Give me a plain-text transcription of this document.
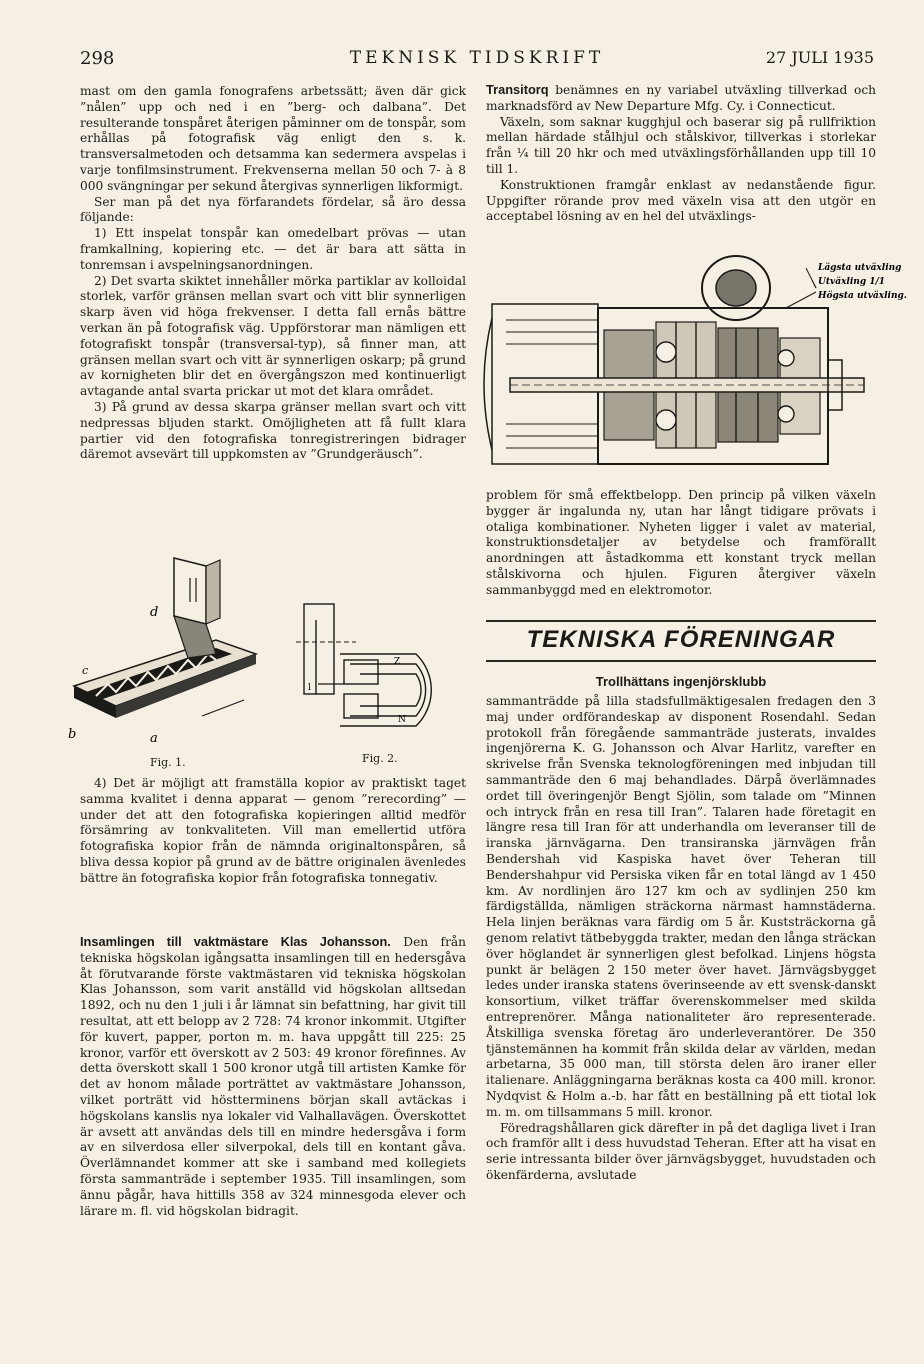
298	TEKNISK TIDSKRIFT	27 JULI 1935

mast om den gamla fonografens arbetssätt; även där gick ”nålen” upp och ned i en ”berg- och dalbana”. Det resulterande tonspåret återigen påminner om de tonspår, som erhållas på fotografisk väg enligt den s. k. transversalmetoden och detsamma kan sedermera avspelas i varje tonfilmsinstrument. Frekvenserna mellan 50 och 7- à 8 000 svängningar per sekund återgivas synnerligen likformigt.

Ser man på det nya förfarandets fördelar, så äro dessa följande:

1) Ett inspelat tonspår kan omedelbart prövas — utan framkallning, kopiering etc. — det är bara att sätta in tonremsan i avspelningsanordningen.

2) Det svarta skiktet innehåller mörka partiklar av kolloidal storlek, varför gränsen mellan svart och vitt blir synnerligen skarp även vid höga frekvenser. I detta fall ernås bättre verkan än på fotografisk väg. Uppförstorar man nämligen ett fotografiskt tonspår (transversal-typ), så finner man, att gränsen mellan svart och vitt är synnerligen oskarp; på grund av kornigheten blir det en övergångszon med kontinuerligt avtagande antal svarta prickar ut mot det klara området.

3) På grund av dessa skarpa gränser mellan svart och vitt nedpressas bljuden starkt. Omöjligheten att få fullt klara partier vid den fotografiska tonregistreringen bidrager däremot avsevärt till uppkomsten av ”Grundgeräusch”.

d
c
b	a
Fig. 1.
Z
N
l
Fig. 2.

4) Det är möjligt att framställa kopior av praktiskt taget samma kvalitet i denna apparat — genom ”rerecording” — under det att den fotografiska kopieringen alltid medför försämring av tonkvaliteten. Vill man emellertid utföra fotografiska kopior från de nämnda originaltonspåren, så bliva dessa kopior på grund av de bättre originalen ävenledes bättre än fotografiska kopior från fotografiska tonnegativ.

Insamlingen till vaktmästare Klas Johansson. Den från tekniska högskolan igångsatta insamlingen till en hedersgåva åt förutvarande förste vaktmästaren vid tekniska högskolan Klas Johansson, som varit anställd vid högskolan alltsedan 1892, och nu den 1 juli i år lämnat sin befattning, har givit till resultat, att ett belopp av 2 728: 74 kronor inkommit. Utgifter för kuvert, papper, porton m. m. hava uppgått till 225: 25 kronor, varför ett överskott av 2 503: 49 kronor förefinnes. Av detta överskott skall 1 500 kronor utgå till artisten Kamke för det av honom målade porträttet av vaktmästare Johansson, vilket porträtt vid höstterminens början skall avtäckas i högskolans kanslis nya lokaler vid Valhallavägen. Överskottet är avsett att användas dels till en mindre hedersgåva i form av en silverdosa eller silverpokal, dels till en kontant gåva. Överlämnandet kommer att ske i samband med kollegiets första sammanträde i september 1935. Till insamlingen, som ännu pågår, hava hittills 358 av 324 minnesgoda elever och lärare m. fl. vid högskolan bidragit.

Transitorq benämnes en ny variabel utväxling tillverkad och marknadsförd av New Departure Mfg. Cy. i Connecticut.

Växeln, som saknar kugghjul och baserar sig på rullfriktion mellan härdade stålhjul och stålskivor, tillverkas i storlekar från ¼ till 20 hkr och med utväxlingsförhållanden upp till 10 till 1.

Konstruktionen framgår enklast av nedanstående figur. Uppgifter rörande prov med växeln visa att den utgör en acceptabel lösning av en hel del utväxlings-

Lägsta utväxling
Utväxling 1/1
Högsta utväxling.

problem för små effektbelopp. Den princip på vilken växeln bygger är ingalunda ny, utan har långt tidigare prövats i otaliga kombinationer. Nyheten ligger i valet av material, konstruktionsdetaljer av betydelse och framförallt anordningen att åstadkomma ett konstant tryck mellan stålskivorna och hjulen. Figuren återgiver växeln sammanbyggd med en elektromotor.

TEKNISKA FÖRENINGAR
Trollhättans ingenjörsklubb

sammanträdde på lilla stadsfullmäktigesalen fredagen den 3 maj under ordförandeskap av disponent Rosendahl. Sedan protokoll från föregående sammanträde justerats, invaldes ingenjörerna K. G. Johansson och Alvar Harlitz, varefter en skrivelse från Svenska teknologföreningen med inbjudan till sammanträde den 6 maj behandlades. Därpå överlämnades ordet till överingenjör Bengt Sjölin, som talade om ”Minnen och intryck från en resa till Iran”. Talaren hade företagit en längre resa till Iran för att underhandla om leveranser till de iranska järnvägarna. Den transiranska järnvägen från Bendershah vid Kaspiska havet över Teheran till Bendershahpur vid Persiska viken får en total längd av 1 450 km. Av nordlinjen äro 127 km och av sydlinjen 250 km färdigställda, nämligen sträckorna närmast hamnstäderna. Hela linjen beräknas vara färdig om 5 år. Kuststräckorna gå genom relativt tätbebyggda trakter, medan den långa sträckan över höglandet är synnerligen glest befolkad. Linjens högsta punkt är belägen 2 150 meter över havet. Järnvägsbygget ledes under iranska statens överinseende av ett svensk-danskt konsortium, vilket träffar överenskommelser med skilda entreprenörer. Många nationaliteter äro representerade. Åtskilliga svenska företag äro underleverantörer. De 350 tjänstemännen ha kommit från skilda delar av världen, medan arbetarna, 35 000 man, till största delen äro iraner eller italienare. Anläggningarna beräknas kosta ca 400 mill. kronor. Nydqvist & Holm a.-b. har fått en beställning på ett tiotal lok m. m. om tillsammans 5 mill. kronor.

Föredragshållaren gick därefter in på det dagliga livet i Iran och framför allt i dess huvudstad Teheran. Efter att ha visat en serie intressanta bilder över järnvägsbygget, huvudstaden och ökenfärderna, avslutade
